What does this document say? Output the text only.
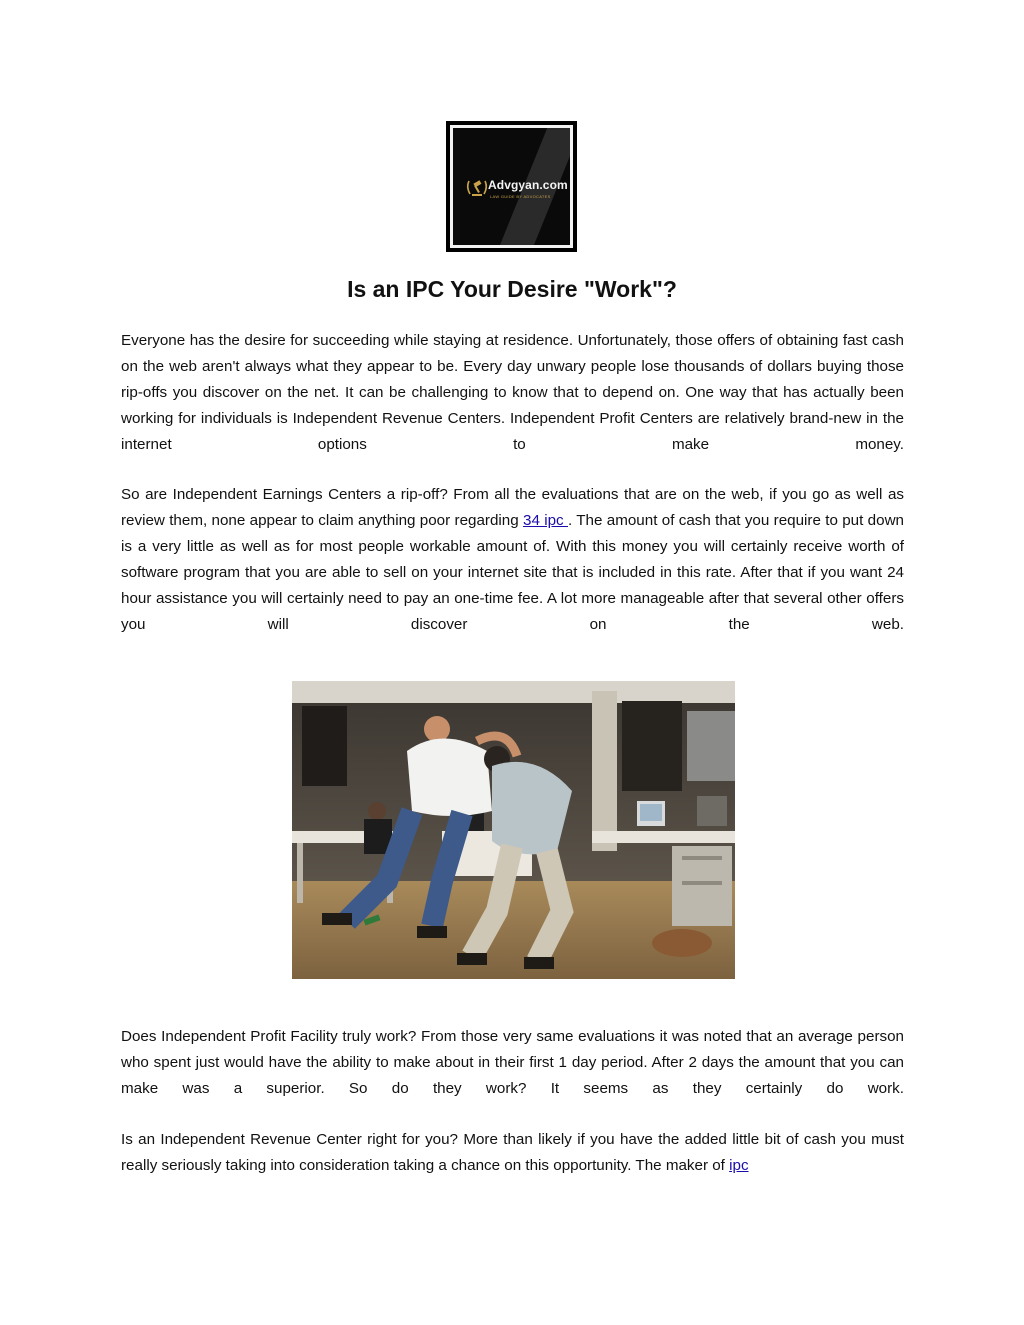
Advgyan.com
LAW GUIDE BY ADVOCATES
Is an IPC Your Desire "Work"?

Everyone has the desire for succeeding while staying at residence. Unfortunately, those offers of obtaining fast cash on the web aren't always what they appear to be. Every day unwary people lose thousands of dollars buying those rip-offs you discover on the net. It can be challenging to know that to depend on. One way that has actually been working for individuals is Independent Revenue Centers. Independent Profit Centers are relatively brand-new in the internet options to make money.

So are Independent Earnings Centers a rip-off? From all the evaluations that are on the web, if you go as well as review them, none appear to claim anything poor regarding 34 ipc . The amount of cash that you require to put down is a very little as well as for most people workable amount of. With this money you will certainly receive worth of software program that you are able to sell on your internet site that is included in this rate. After that if you want 24 hour assistance you will certainly need to pay an one-time fee. A lot more manageable after that several other offers you will discover on the web.

Does Independent Profit Facility truly work? From those very same evaluations it was noted that an average person who spent just would have the ability to make about in their first 1 day period. After 2 days the amount that you can make was a superior. So do they work? It seems as they certainly do work.

Is an Independent Revenue Center right for you? More than likely if you have the added little bit of cash you must really seriously taking into consideration taking a chance on this opportunity. The maker of ipc
